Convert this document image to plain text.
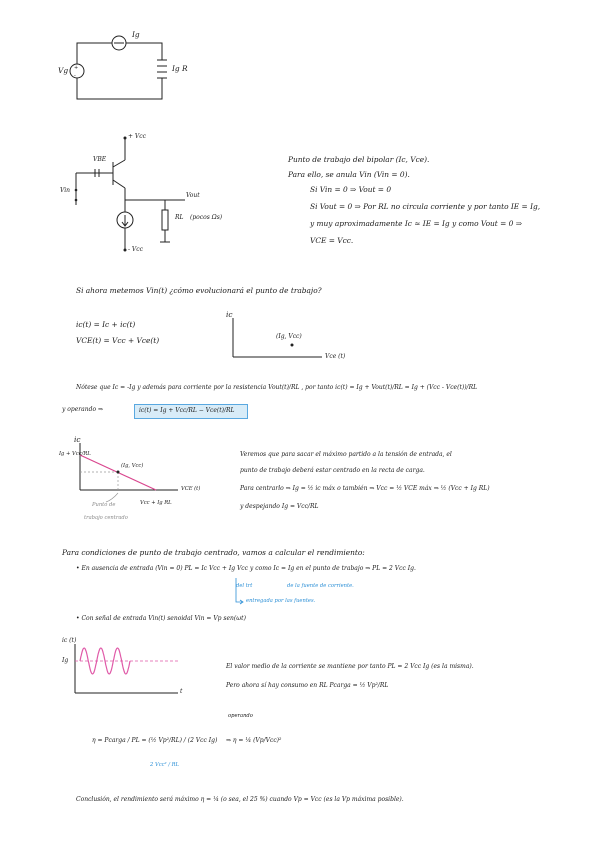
+
-
Vg
Ig
Ig R
+ Vcc
VBE
Vin
Vout
RL (pocos Ωs)
- Vcc
Punto de trabajo del bipolar (Ic, Vce).
Para ello, se anula Vin (Vin = 0).
Si Vin = 0 ⇒ Vout = 0
Si Vout = 0 ⇒ Por RL no circula corriente y por tanto IE = Ig,
y muy aproximadamente Ic ≈ IE = Ig y como Vout = 0 ⇒
VCE = Vcc.
Si ahora metemos Vin(t) ¿cómo evolucionará el punto de trabajo?
ic(t) = Ic + ic(t)
VCE(t) = Vcc + Vce(t)
ic
Vce (t)
(Ig, Vcc)
Nótese que Ic = -Ig y además para corriente por la resistencia Vout(t)/RL , por tanto ic(t) = Ig + Vout(t)/RL = Ig + (Vcc - Vce(t))/RL
y operando ⇒	ic(t) = Ig + Vcc/RL − Vce(t)/RL
ic
Ig + Vcc/RL
VCE (t)
Vcc + Ig RL
(Ig, Vcc)
Punto de
trabajo centrado
Veremos que para sacar el máximo partido a la tensión de entrada, el
punto de trabajo deberá estar centrado en la recta de carga.
Para centrarlo ⇒ Ig = ½ ic máx o también ⇒ Vcc = ½ VCE máx ⇒ ½ (Vcc + Ig RL)
y despejando Ig = Vcc/RL
Para condiciones de punto de trabajo centrado, vamos a calcular el rendimiento:
• En ausencia de entrada (Vin = 0) PL = Ic Vcc + Ig Vcc y como Ic = Ig en el punto de trabajo ⇒ PL = 2 Vcc Ig.
del trt	de la fuente de corriente.
entregada por las fuentes.
• Con señal de entrada Vin(t) senoidal Vin = Vp sen(ωt)
ic (t)
Ig
t
El valor medio de la corriente se mantiene por tanto PL = 2 Vcc Ig (es la misma).
Pero ahora sí hay consumo en RL Pcarga = ½ Vp²/RL
η = Pcarga / PL = (½ Vp²/RL) / (2 Vcc Ig)
operando
⇒ η = ¼ (Vp/Vcc)²
2 Vcc² / RL
Conclusión, el rendimiento será máximo η = ¼ (o sea, el 25 %) cuando Vp = Vcc (es la Vp máxima posible).
